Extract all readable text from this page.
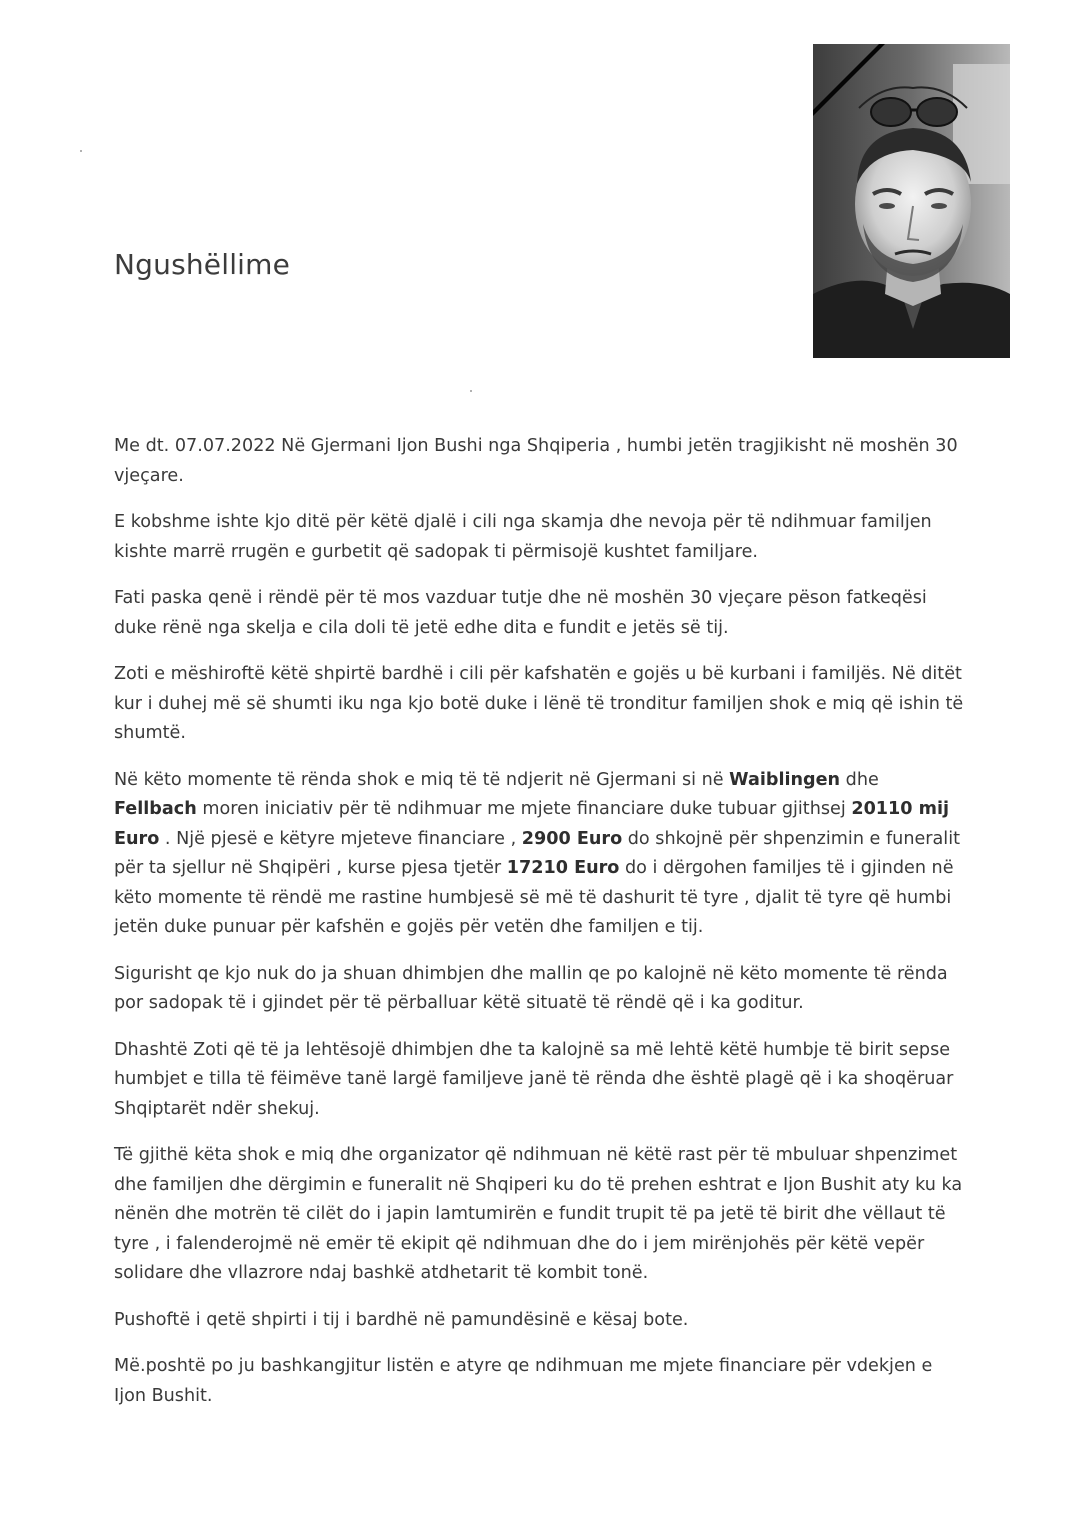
Ngushëllime

Me dt. 07.07.2022 Në Gjermani Ijon Bushi nga Shqiperia , humbi jetën tragjikisht në moshën 30 vjeçare.

E kobshme ishte kjo ditë për këtë djalë i cili nga skamja dhe nevoja për të ndihmuar familjen kishte marrë rrugën e gurbetit që sadopak ti përmisojë kushtet familjare.

Fati paska qenë i rëndë për të mos vazduar tutje dhe në moshën 30 vjeçare pëson fatkeqësi duke rënë nga skelja e cila doli të jetë edhe dita e fundit e jetës së tij.

Zoti e mëshiroftë këtë shpirtë bardhë i cili për kafshatën e gojës u bë kurbani i familjës. Në ditët kur i duhej më së shumti iku nga kjo botë duke i lënë të tronditur familjen shok e miq që ishin të shumtë.

Në këto momente të rënda shok e miq të të ndjerit në Gjermani si në Waiblingen dhe Fellbach moren iniciativ për të ndihmuar me mjete financiare duke tubuar gjithsej 20110 mij Euro . Një pjesë e këtyre mjeteve financiare , 2900 Euro do shkojnë për shpenzimin e funeralit për ta sjellur në Shqipëri , kurse pjesa tjetër 17210 Euro do i dërgohen familjes të i gjinden në këto momente të rëndë me rastine humbjesë së më të dashurit të tyre , djalit të tyre që humbi jetën duke punuar për kafshën e gojës për vetën dhe familjen e tij.

Sigurisht qe kjo nuk do ja shuan dhimbjen dhe mallin qe po kalojnë në këto momente të rënda por sadopak të i gjindet për të përballuar këtë situatë të rëndë që i ka goditur.

Dhashtë Zoti që të ja lehtësojë dhimbjen dhe ta kalojnë sa më lehtë këtë humbje të birit sepse humbjet e tilla të fëimëve tanë largë familjeve janë të rënda dhe është plagë që i ka shoqëruar Shqiptarët ndër shekuj.

Të gjithë këta shok e miq dhe organizator që ndihmuan në këtë rast për të mbuluar shpenzimet dhe familjen dhe dërgimin e funeralit në Shqiperi ku do të prehen eshtrat e Ijon Bushit aty ku ka nënën dhe motrën të cilët do i japin lamtumirën e fundit trupit të pa jetë të birit dhe vëllaut të tyre , i falenderojmë në emër të ekipit që ndihmuan dhe do i jem mirënjohës për këtë vepër solidare dhe vllazrore ndaj bashkë atdhetarit të kombit tonë.

Pushoftë i qetë shpirti i tij i bardhë në pamundësinë e kësaj bote.

Më.poshtë po ju bashkangjitur listën e atyre qe ndihmuan me mjete financiare për vdekjen e Ijon Bushit.
